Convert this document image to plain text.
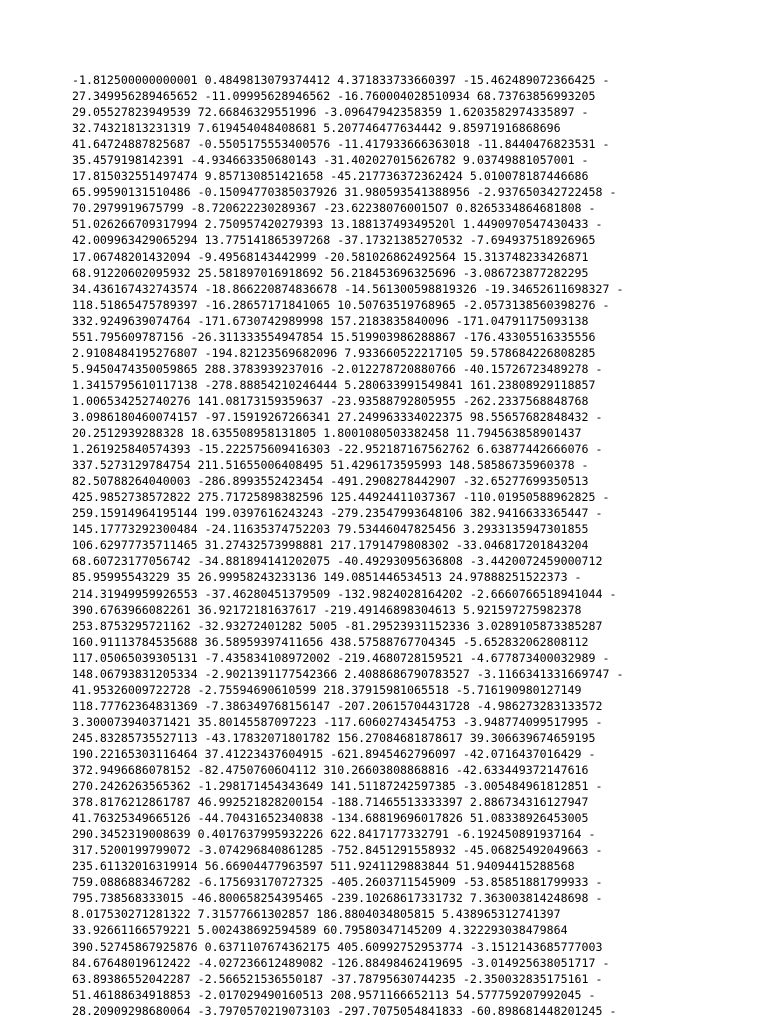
-1.812500000000001 0.4849813079374412 4.371833733660397 -15.462489072366425 -
27.349956289465652 -11.09995628946562 -16.760004028510934 68.73763856993205
29.05527823949539 72.66846329551996 -3.09647942358359 1.6203582974335897 -
32.74321813231319 7.619454048408681 5.207746477634442 9.85971916868696
41.64724887825687 -0.5505175553400576 -11.417933666363018 -11.8440476823531 -
35.4579198142391 -4.934663350680143 -31.402027015626782 9.03749881057001 -
17.815032551497474 9.857130851421658 -45.217736372362424 5.010078187446686
65.99590131510486 -0.15094770385037926 31.980593541388956 -2.937650342722458 -
70.2979919675799 -8.720622230289367 -23.622380760015O7 0.8265334864681808 -
51.026266709317994 2.750957420279393 13.18813749349520l 1.4490970547430433 -
42.009963429065294 13.775141865397268 -37.17321385270532 -7.694937518926965
17.06748201432094 -9.49568143442999 -20.581026862492564 15.313748233426871
68.91220602095932 25.581897016918692 56.218453696325696 -3.086723877282295
34.436167432743574 -18.866220874836678 -14.561300598819326 -19.34652611698327 -
118.51865475789397 -16.28657171841065 10.50763519768965 -2.0573138560398276 -
332.9249639074764 -171.6730742989998 157.2183835840096 -171.04791175093138
551.795609787156 -26.311333554947854 15.519903986288867 -176.43305516335556
2.9108484195276807 -194.82123569682096 7.933660522217105 59.578684226808285
5.9450474350059865 288.3783939237016 -2.012278720880766 -40.15726723489278 -
1.3415795610117138 -278.88854210246444 5.280633991549841 161.23808929118857
1.006534252740276 141.08173159359637 -23.93588792805955 -262.2337568848768
3.0986180460074157 -97.15919267266341 27.249963334022375 98.55657682848432 -
20.2512939288328 18.635508958131805 1.8001080503382458 11.794563858901437
1.261925840574393 -15.222575609416303 -22.952187167562762 6.63877442666076 -
337.5273129784754 211.51655006408495 51.4296173595993 148.58586735960378 -
82.50788264040003 -286.8993552423454 -491.2908278442907 -32.65277699350513
425.9852738572822 275.71725898382596 125.44924411037367 -110.01950588962825 -
259.15914964195144 199.0397616243243 -279.23547993648106 382.9416633365447 -
145.17773292300484 -24.11635374752203 79.53446047825456 3.2933135947301855
106.62977735711465 31.27432573998881 217.1791479808302 -33.046817201843204
68.60723177056742 -34.881894141202075 -40.49293095636808 -3.4420072459000712
85.95995543229 35 26.99958243233136 149.0851446534513 24.97888251522373 -
214.31949959926553 -37.46280451379509 -132.9824028164202 -2.6660766518941044 -
390.6763966082261 36.92172181637617 -219.49146898304613 5.921597275982378
253.8753295721162 -32.93272401282 5005 -81.29523931152336 3.0289105873385287
160.91113784535688 36.58959397411656 438.57588767704345 -5.652832062808112
117.05065039305131 -7.435834108972002 -219.4680728159521 -4.677873400032989 -
148.06793831205334 -2.9021391177542366 2.4088686790783527 -3.1166341331669747 -
41.95326009722728 -2.75594690610599 218.37915981065518 -5.716190980127149
118.77762364831369 -7.386349768156147 -207.20615704431728 -4.986273283133572
3.300073940371421 35.80145587097223 -117.60602743454753 -3.948774099517995 -
245.83285735527113 -43.17832071801782 156.27084681878617 39.306639674659195
190.22165303116464 37.41223437604915 -621.8945462796097 -42.0716437016429 -
372.9496686078152 -82.47507606O4112 310.26603808868816 -42.633449372147616
270.2426263565362 -1.298171454343649 141.51187242597385 -3.005484961812851 -
378.8176212861787 46.992521828200154 -188.71465513333397 2.886734316127947
41.76325349665126 -44.70431652340838 -134.68819696017826 51.08338926453005
290.3452319008639 0.4017637995932226 622.8417177332791 -6.192450891937164 -
317.5200199799072 -3.074296840861285 -752.8451291558932 -45.06825492049663 -
235.61132016319914 56.66904477963597 511.9241129883844 51.94094415288568
759.0886883467282 -6.175693170727325 -405.2603711545909 -53.85851881799933 -
795.738568333015 -46.800658254395465 -239.10268617331732 7.363003814248698 -
8.017530271281322 7.31577661302857 186.8804034805815 5.438965312741397
33.92661166579221 5.002438692594589 60.79580347145209 4.322293038479864
390.52745867925876 0.6371107674362175 405.60992752953774 -3.1512143685777003
84.67648019612422 -4.027236612489082 -126.88498462419695 -3.014925638051717 -
63.89386552042287 -2.566521536550187 -37.78795630744235 -2.350032835175161 -
51.46188634918853 -2.017029490160513 208.9571166652113 54.577759207992045 -
28.20909298680064 -3.7970570219073103 -297.7075054841833 -60.898681448201245 -
